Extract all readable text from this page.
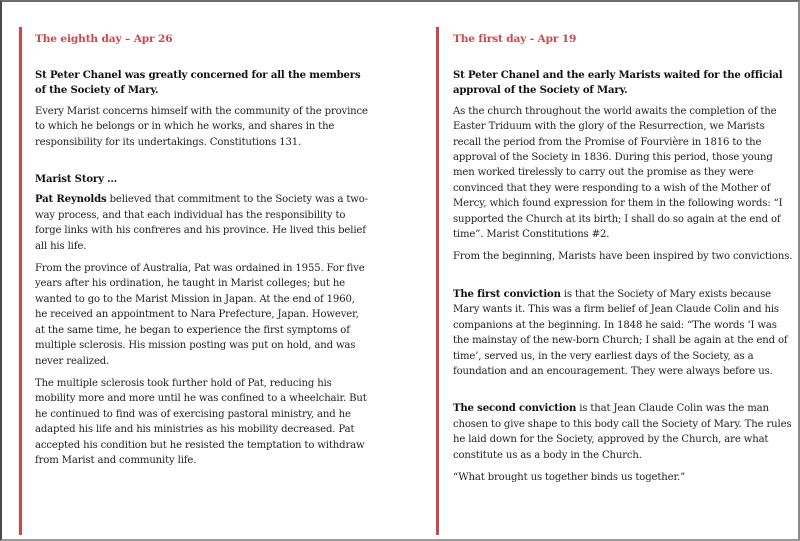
The eighth day – Apr 26

St Peter Chanel was greatly concerned for all the members of the Society of Mary.

Every Marist concerns himself with the community of the province to which he belongs or in which he works, and shares in the responsibility for its undertakings. Constitutions 131.

Marist Story …

Pat Reynolds believed that commitment to the Society was a two-way process, and that each individual has the responsibility to forge links with his confreres and his province. He lived this belief all his life.

From the province of Australia, Pat was ordained in 1955. For five years after his ordination, he taught in Marist colleges; but he wanted to go to the Marist Mission in Japan. At the end of 1960, he received an appointment to Nara Prefecture, Japan. However, at the same time, he began to experience the first symptoms of multiple sclerosis. His mission posting was put on hold, and was never realized.

The multiple sclerosis took further hold of Pat, reducing his mobility more and more until he was confined to a wheelchair. But he continued to find was of exercising pastoral ministry, and he adapted his life and his ministries as his mobility decreased. Pat accepted his condition but he resisted the temptation to withdraw from Marist and community life.

The first day - Apr 19

St Peter Chanel and the early Marists waited for the official approval of the Society of Mary.

As the church throughout the world awaits the completion of the Easter Triduum with the glory of the Resurrection, we Marists recall the period from the Promise of Fourvière in 1816 to the approval of the Society in 1836. During this period, those young men worked tirelessly to carry out the promise as they were convinced that they were responding to a wish of the Mother of Mercy, which found expression for them in the following words: “I supported the Church at its birth; I shall do so again at the end of time”. Marist Constitutions #2.

From the beginning, Marists have been inspired by two convictions.

The first conviction is that the Society of Mary exists because Mary wants it. This was a firm belief of Jean Claude Colin and his companions at the beginning. In 1848 he said: “The words ‘I was the mainstay of the new-born Church; I shall be again at the end of time’, served us, in the very earliest days of the Society, as a foundation and an encouragement. They were always before us.

The second conviction is that Jean Claude Colin was the man chosen to give shape to this body call the Society of Mary. The rules he laid down for the Society, approved by the Church, are what constitute us as a body in the Church.

“What brought us together binds us together.”
